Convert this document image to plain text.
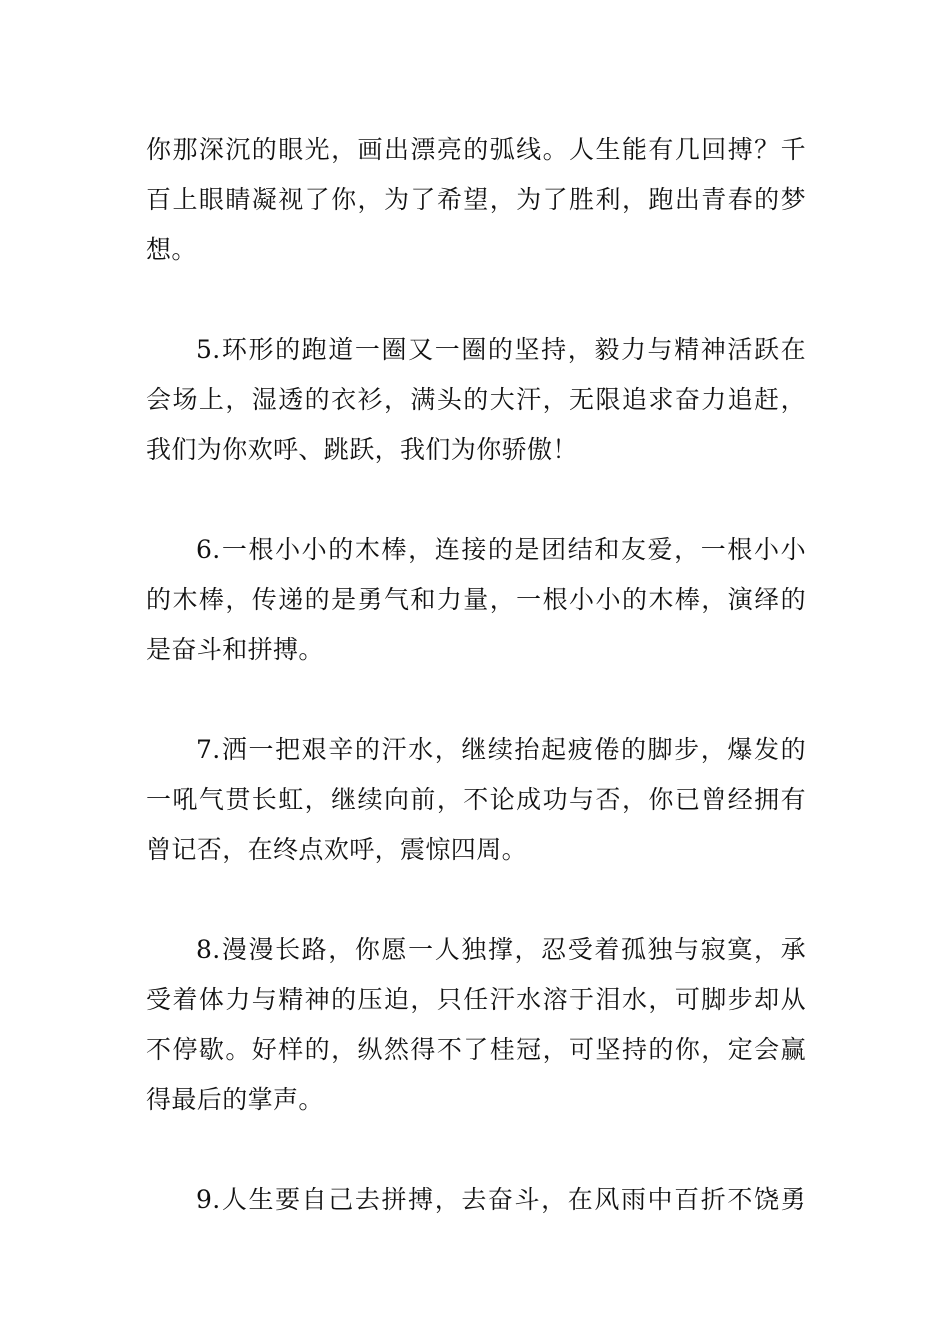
你那深沉的眼光，画出漂亮的弧线。人生能有几回搏？千
百上眼睛凝视了你，为了希望，为了胜利，跑出青春的梦
想。
5.环形的跑道一圈又一圈的坚持，毅力与精神活跃在
会场上，湿透的衣衫，满头的大汗，无限追求奋力追赶，
我们为你欢呼、跳跃，我们为你骄傲！
6.一根小小的木棒，连接的是团结和友爱，一根小小
的木棒，传递的是勇气和力量，一根小小的木棒，演绎的
是奋斗和拼搏。
7.洒一把艰辛的汗水，继续抬起疲倦的脚步，爆发的
一吼气贯长虹，继续向前，不论成功与否，你已曾经拥有
曾记否，在终点欢呼，震惊四周。
8.漫漫长路，你愿一人独撑，忍受着孤独与寂寞，承
受着体力与精神的压迫，只任汗水溶于泪水，可脚步却从
不停歇。好样的，纵然得不了桂冠，可坚持的你，定会赢
得最后的掌声。
9.人生要自己去拼搏，去奋斗，在风雨中百折不饶勇
